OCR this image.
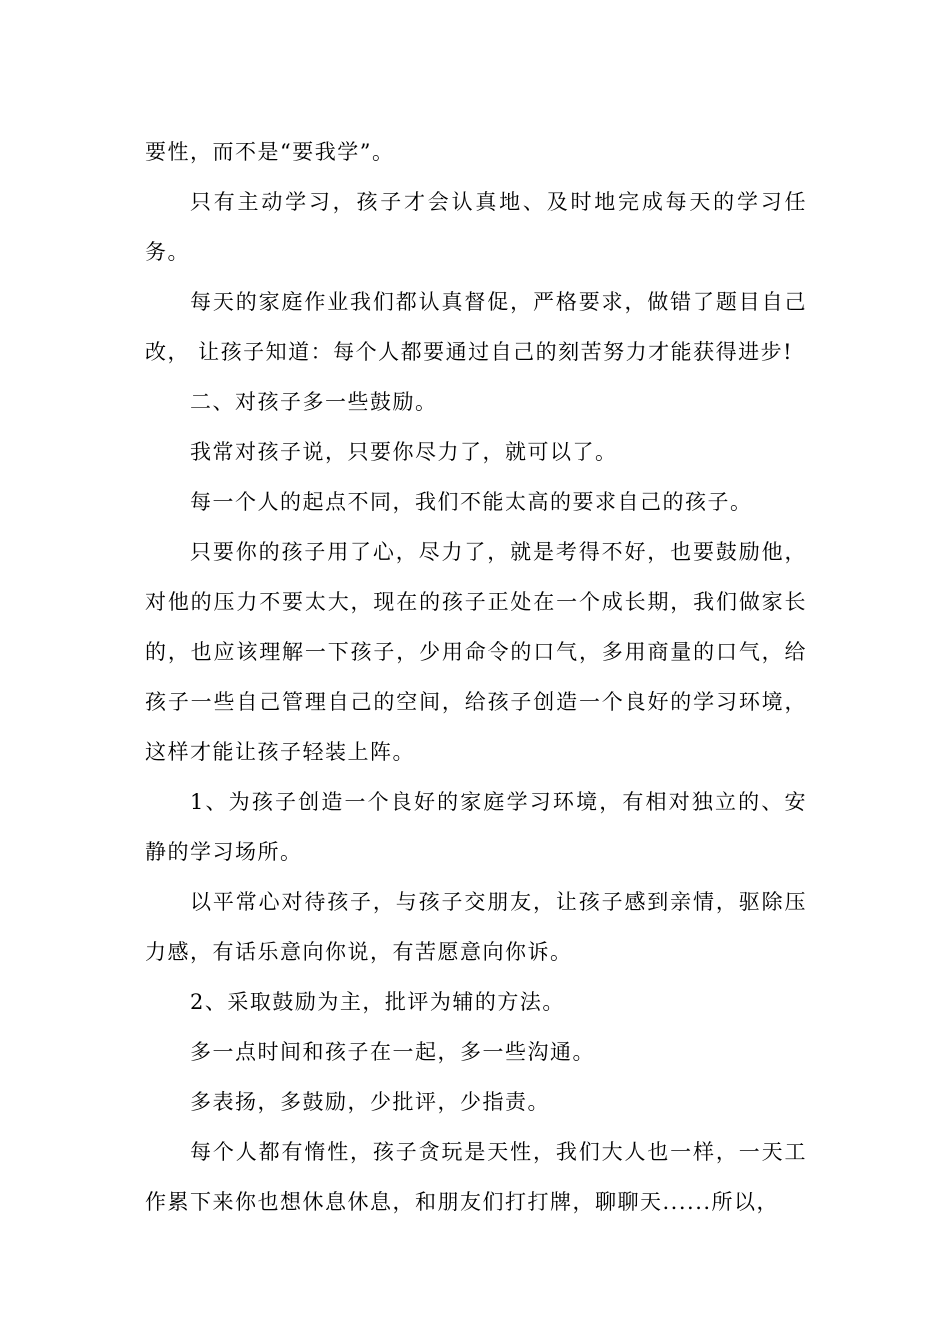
要性，而不是“要我学”。

只有主动学习，孩子才会认真地、及时地完成每天的学习任务。

每天的家庭作业我们都认真督促，严格要求，做错了题目自己改， 让孩子知道：每个人都要通过自己的刻苦努力才能获得进步!

二、对孩子多一些鼓励。

我常对孩子说，只要你尽力了，就可以了。

每一个人的起点不同，我们不能太高的要求自己的孩子。

只要你的孩子用了心，尽力了，就是考得不好，也要鼓励他，对他的压力不要太大，现在的孩子正处在一个成长期，我们做家长的，也应该理解一下孩子，少用命令的口气，多用商量的口气，给孩子一些自己管理自己的空间，给孩子创造一个良好的学习环境，这样才能让孩子轻装上阵。

1、为孩子创造一个良好的家庭学习环境，有相对独立的、安静的学习场所。

以平常心对待孩子，与孩子交朋友，让孩子感到亲情，驱除压力感，有话乐意向你说，有苦愿意向你诉。

2、采取鼓励为主，批评为辅的方法。

多一点时间和孩子在一起，多一些沟通。

多表扬，多鼓励，少批评，少指责。

每个人都有惰性，孩子贪玩是天性，我们大人也一样，一天工作累下来你也想休息休息，和朋友们打打牌，聊聊天......所以，
